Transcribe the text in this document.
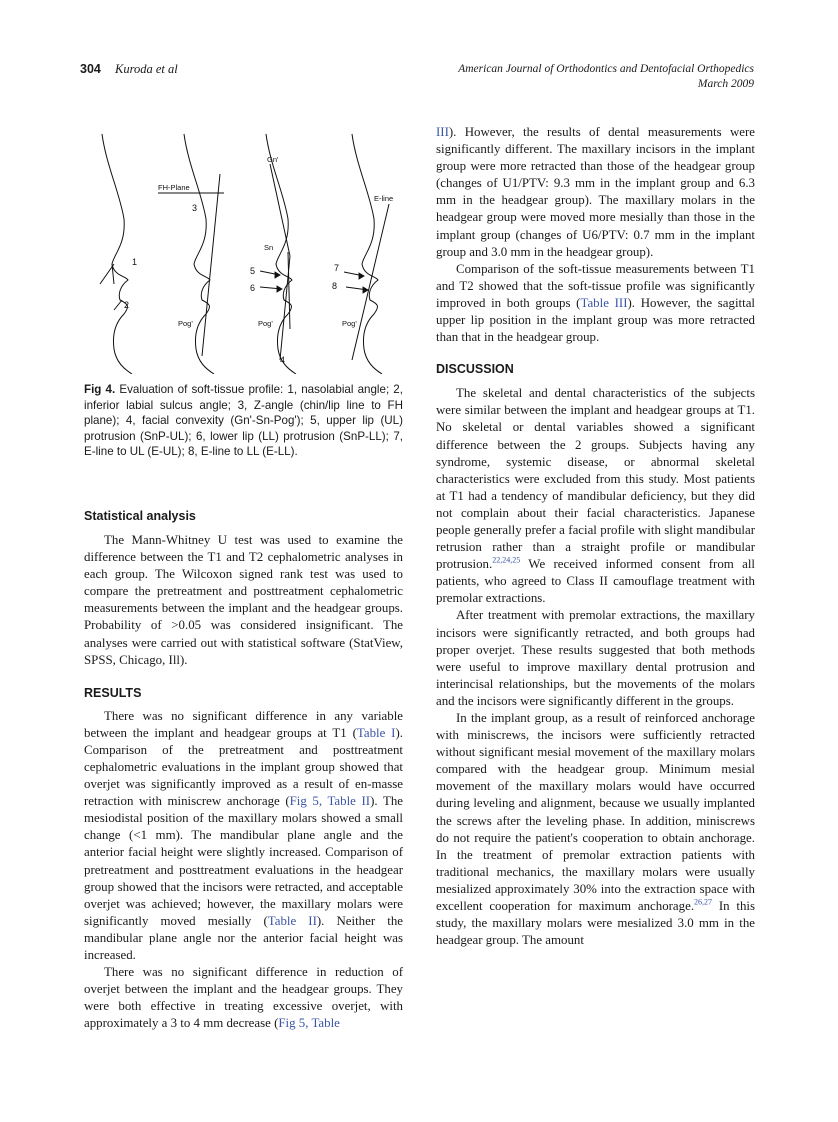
304 Kuroda et al	American Journal of Orthodontics and Dentofacial Orthopedics
March 2009
FH-Plane
Gn'
Sn
Pog'	Pog'	Pog'
E-line
1
2
3
4
5
6
7
8

Fig 4. Evaluation of soft-tissue profile: 1, nasolabial angle; 2, inferior labial sulcus angle; 3, Z-angle (chin/lip line to FH plane); 4, facial convexity (Gn'-Sn-Pog'); 5, upper lip (UL) protrusion (SnP-UL); 6, lower lip (LL) protrusion (SnP-LL); 7, E-line to UL (E-UL); 8, E-line to LL (E-LL).

Statistical analysis

The Mann-Whitney U test was used to examine the difference between the T1 and T2 cephalometric analyses in each group. The Wilcoxon signed rank test was used to compare the pretreatment and posttreatment cephalometric measurements between the implant and the headgear groups. Probability of >0.05 was considered insignificant. The analyses were carried out with statistical software (StatView, SPSS, Chicago, Ill).

RESULTS

There was no significant difference in any variable between the implant and headgear groups at T1 (Table I). Comparison of the pretreatment and posttreatment cephalometric evaluations in the implant group showed that overjet was significantly improved as a result of en-masse retraction with miniscrew anchorage (Fig 5, Table II). The mesiodistal position of the maxillary molars showed a small change (<1 mm). The mandibular plane angle and the anterior facial height were slightly increased. Comparison of pretreatment and posttreatment evaluations in the headgear group showed that the incisors were retracted, and acceptable overjet was achieved; however, the maxillary molars were significantly moved mesially (Table II). Neither the mandibular plane angle nor the anterior facial height was increased.

There was no significant difference in reduction of overjet between the implant and the headgear groups. They were both effective in treating excessive overjet, with approximately a 3 to 4 mm decrease (Fig 5, Table

III). However, the results of dental measurements were significantly different. The maxillary incisors in the implant group were more retracted than those of the headgear group (changes of U1/PTV: 9.3 mm in the implant group and 6.3 mm in the headgear group). The maxillary molars in the headgear group were moved more mesially than those in the implant group (changes of U6/PTV: 0.7 mm in the implant group and 3.0 mm in the headgear group).

Comparison of the soft-tissue measurements between T1 and T2 showed that the soft-tissue profile was significantly improved in both groups (Table III). However, the sagittal upper lip position in the implant group was more retracted than that in the headgear group.

DISCUSSION

The skeletal and dental characteristics of the subjects were similar between the implant and headgear groups at T1. No skeletal or dental variables showed a significant difference between the 2 groups. Subjects having any syndrome, systemic disease, or abnormal skeletal characteristics were excluded from this study. Most patients at T1 had a tendency of mandibular deficiency, but they did not complain about their facial characteristics. Japanese people generally prefer a facial profile with slight mandibular retrusion rather than a straight profile or mandibular protrusion.$^{22,24,25}$ We received informed consent from all patients, who agreed to Class II camouflage treatment with premolar extractions.

After treatment with premolar extractions, the maxillary incisors were significantly retracted, and both groups had proper overjet. These results suggested that both methods were useful to improve maxillary dental protrusion and interincisal relationships, but the movements of the molars and the incisors were significantly different in the groups.

In the implant group, as a result of reinforced anchorage with miniscrews, the incisors were sufficiently retracted without significant mesial movement of the maxillary molars compared with the headgear group. Minimum mesial movement of the maxillary molars would have occurred during leveling and alignment, because we usually implanted the screws after the leveling phase. In addition, miniscrews do not require the patient's cooperation to obtain anchorage. In the treatment of premolar extraction patients with traditional mechanics, the maxillary molars were usually mesialized approximately 30% into the extraction space with excellent cooperation for maximum anchorage.$^{26,27}$ In this study, the maxillary molars were mesialized 3.0 mm in the headgear group. The amount
